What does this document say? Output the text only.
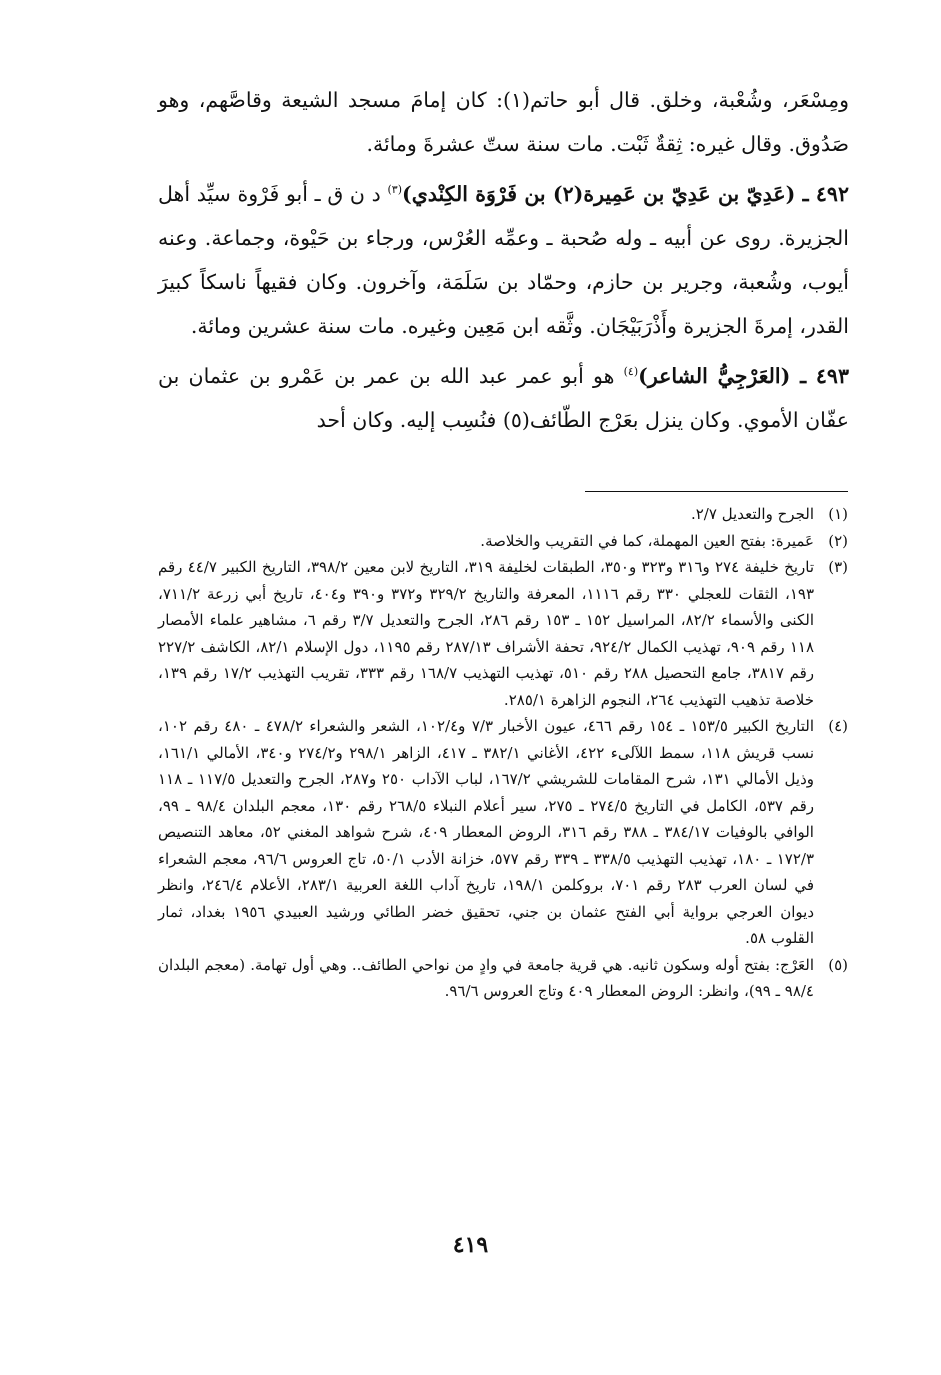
ومِسْعَر، وشُعْبة، وخلق. قال أبو حاتم(١): كان إمامَ مسجد الشيعة وقاصَّهم، وهو صَدُوق. وقال غيره: ثِقةٌ ثَبْت. مات سنة ستّ عشرةَ ومائة.

٤٩٢ ـ (عَدِيّ بن عَدِيّ بن عَمِيرة(٢) بن فَرْوَة الكِنْدي)$^{(٣)}$ د ن ق ـ أبو فَرْوة سيِّد أهل الجزيرة. روى عن أبيه ـ وله صُحبة ـ وعمِّه العُرْس، ورجاء بن حَيْوة، وجماعة. وعنه أيوب، وشُعبة، وجرير بن حازم، وحمّاد بن سَلَمَة، وآخرون. وكان فقيهاً ناسكاً كبيرَ القدر، إمرةَ الجزيرة وأَذْرَبَيْجَان. وثَّقه ابن مَعِين وغيره. مات سنة عشرين ومائة.

٤٩٣ ـ (العَرْجِيُّ الشاعر)$^{(٤)}$ هو أبو عمر عبد الله بن عمر بن عَمْرو بن عثمان بن عفّان الأموي. وكان ينزل بعَرْج الطّائف(٥) فنُسِب إليه. وكان أحد

(١)
الجرح والتعديل ٢/٧.
(٢)
عَميرة: بفتح العين المهملة، كما في التقريب والخلاصة.
(٣)
تاريخ خليفة ٢٧٤ و٣١٦ و٣٢٣ و٣٥٠، الطبقات لخليفة ٣١٩، التاريخ لابن معين ٣٩٨/٢، التاريخ الكبير ٤٤/٧ رقم ١٩٣، الثقات للعجلي ٣٣٠ رقم ١١١٦، المعرفة والتاريخ ٣٢٩/٢ و٣٧٢ و٣٩٠ و٤٠٤، تاريخ أبي زرعة ٧١١/٢، الكنى والأسماء ٨٢/٢، المراسيل ١٥٢ ـ ١٥٣ رقم ٢٨٦، الجرح والتعديل ٣/٧ رقم ٦، مشاهير علماء الأمصار ١١٨ رقم ٩٠٩، تهذيب الكمال ٩٢٤/٢، تحفة الأشراف ٢٨٧/١٣ رقم ١١٩٥، دول الإسلام ٨٢/١، الكاشف ٢٢٧/٢ رقم ٣٨١٧، جامع التحصيل ٢٨٨ رقم ٥١٠، تهذيب التهذيب ١٦٨/٧ رقم ٣٣٣، تقريب التهذيب ١٧/٢ رقم ١٣٩، خلاصة تذهيب التهذيب ٢٦٤، النجوم الزاهرة ٢٨٥/١.
(٤)
التاريخ الكبير ١٥٣/٥ ـ ١٥٤ رقم ٤٦٦، عيون الأخبار ٧/٣ و١٠٢/٤، الشعر والشعراء ٤٧٨/٢ ـ ٤٨٠ رقم ١٠٢، نسب قريش ١١٨، سمط اللآلىء ٤٢٢، الأغاني ٣٨٢/١ ـ ٤١٧، الزاهر ٢٩٨/١ و٢٧٤/٢ و٣٤٠، الأمالي ١٦١/١، وذيل الأمالي ١٣١، شرح المقامات للشريشي ١٦٧/٢، لباب الآداب ٢٥٠ و٢٨٧، الجرح والتعديل ١١٧/٥ ـ ١١٨ رقم ٥٣٧، الكامل في التاريخ ٢٧٤/٥ ـ ٢٧٥، سير أعلام النبلاء ٢٦٨/٥ رقم ١٣٠، معجم البلدان ٩٨/٤ ـ ٩٩، الوافي بالوفيات ٣٨٤/١٧ ـ ٣٨٨ رقم ٣١٦، الروض المعطار ٤٠٩، شرح شواهد المغني ٥٢، معاهد التنصيص ١٧٢/٣ ـ ١٨٠، تهذيب التهذيب ٣٣٨/٥ ـ ٣٣٩ رقم ٥٧٧، خزانة الأدب ٥٠/١، تاج العروس ٩٦/٦، معجم الشعراء في لسان العرب ٢٨٣ رقم ٧٠١، بروكلمن ١٩٨/١، تاريخ آداب اللغة العربية ٢٨٣/١، الأعلام ٢٤٦/٤، وانظر ديوان العرجي برواية أبي الفتح عثمان بن جني، تحقيق خضر الطائي ورشيد العبيدي ١٩٥٦ بغداد، ثمار القلوب ٥٨.
(٥)
العَرْج: بفتح أوله وسكون ثانيه. هي قرية جامعة في وادٍ من نواحي الطائف.. وهي أول تهامة. (معجم البلدان ٩٨/٤ ـ ٩٩)، وانظر: الروض المعطار ٤٠٩ وتاج العروس ٩٦/٦.
٤١٩
